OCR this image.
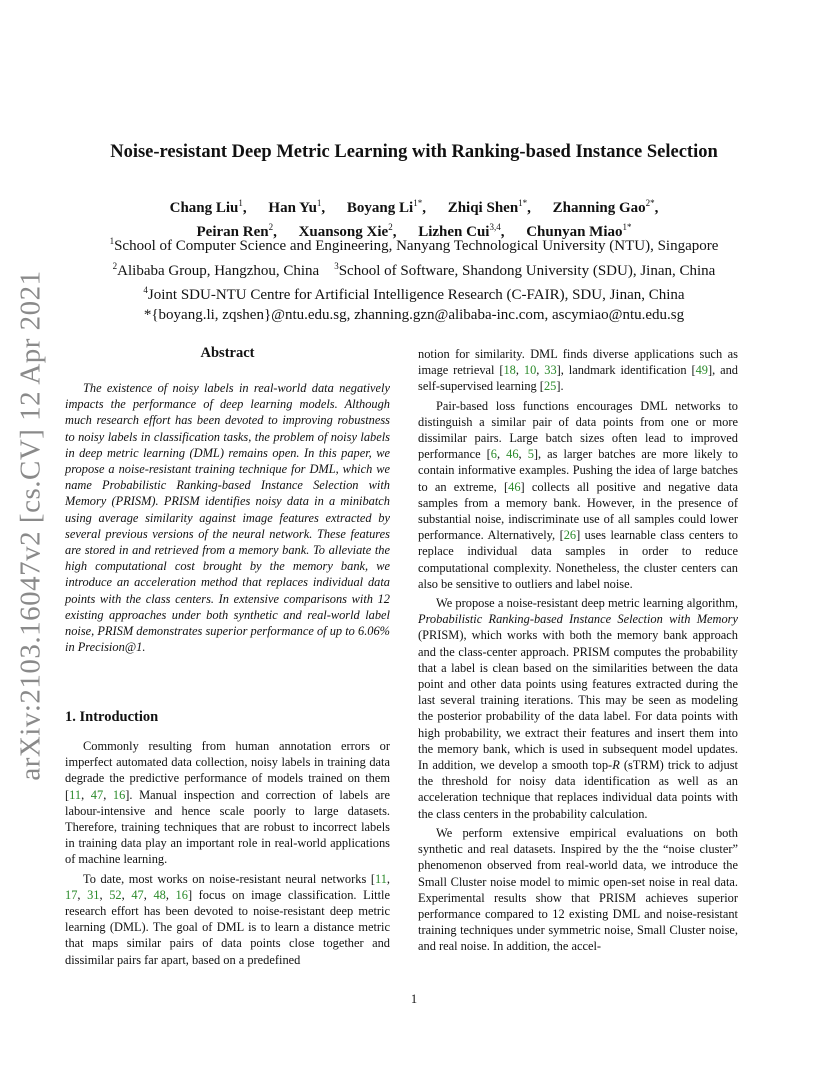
arXiv:2103.16047v2 [cs.CV] 12 Apr 2021
Noise-resistant Deep Metric Learning with Ranking-based Instance Selection
Chang Liu$^1$, Han Yu$^1$, Boyang $Li^{1*}$, Zhiqi Shen$^{1*}$, Zhanning Gao$^{2*}$,
Peiran Ren$^2$, Xuansong Xie$^2$, Lizhen Cui$^{3,4}$, Chunyan Miao$^{1*}$
$^1$School of Computer Science and Engineering, Nanyang Technological University (NTU), Singapore
$^2$Alibaba Group, Hangzhou, China $^3$School of Software, Shandong University (SDU), Jinan, China
$^4$Joint SDU-NTU Centre for Artificial Intelligence Research (C-FAIR), SDU, Jinan, China
*{boyang.li, zqshen}@ntu.edu.sg, zhanning.gzn@alibaba-inc.com, ascymiao@ntu.edu.sg
Abstract

The existence of noisy labels in real-world data negatively impacts the performance of deep learning models. Although much research effort has been devoted to improving robustness to noisy labels in classification tasks, the problem of noisy labels in deep metric learning (DML) remains open. In this paper, we propose a noise-resistant training technique for DML, which we name Probabilistic Ranking-based Instance Selection with Memory (PRISM). PRISM identifies noisy data in a minibatch using average similarity against image features extracted by several previous versions of the neural network. These features are stored in and retrieved from a memory bank. To alleviate the high computational cost brought by the memory bank, we introduce an acceleration method that replaces individual data points with the class centers. In extensive comparisons with 12 existing approaches under both synthetic and real-world label noise, PRISM demonstrates superior performance of up to 6.06% in Precision@1.

1. Introduction

Commonly resulting from human annotation errors or imperfect automated data collection, noisy labels in training data degrade the predictive performance of models trained on them [11, 47, 16]. Manual inspection and correction of labels are labour-intensive and hence scale poorly to large datasets. Therefore, training techniques that are robust to incorrect labels in training data play an important role in real-world applications of machine learning.

To date, most works on noise-resistant neural networks [11, 17, 31, 52, 47, 48, 16] focus on image classification. Little research effort has been devoted to noise-resistant deep metric learning (DML). The goal of DML is to learn a distance metric that maps similar pairs of data points close together and dissimilar pairs far apart, based on a predefined

notion for similarity. DML finds diverse applications such as image retrieval [18, 10, 33], landmark identification [49], and self-supervised learning [25].

Pair-based loss functions encourages DML networks to distinguish a similar pair of data points from one or more dissimilar pairs. Large batch sizes often lead to improved performance [6, 46, 5], as larger batches are more likely to contain informative examples. Pushing the idea of large batches to an extreme, [46] collects all positive and negative data samples from a memory bank. However, in the presence of substantial noise, indiscriminate use of all samples could lower performance. Alternatively, [26] uses learnable class centers to replace individual data samples in order to reduce computational complexity. Nonetheless, the cluster centers can also be sensitive to outliers and label noise.

We propose a noise-resistant deep metric learning algorithm, Probabilistic Ranking-based Instance Selection with Memory (PRISM), which works with both the memory bank approach and the class-center approach. PRISM computes the probability that a label is clean based on the similarities between the data point and other data points using features extracted during the last several training iterations. This may be seen as modeling the posterior probability of the data label. For data points with high probability, we extract their features and insert them into the memory bank, which is used in subsequent model updates. In addition, we develop a smooth top-R (sTRM) trick to adjust the threshold for noisy data identification as well as an acceleration technique that replaces individual data points with the class centers in the probability calculation.

We perform extensive empirical evaluations on both synthetic and real datasets. Inspired by the the “noise cluster” phenomenon observed from real-world data, we introduce the Small Cluster noise model to mimic open-set noise in real data. Experimental results show that PRISM achieves superior performance compared to 12 existing DML and noise-resistant training techniques under symmetric noise, Small Cluster noise, and real noise. In addition, the accel-

1
